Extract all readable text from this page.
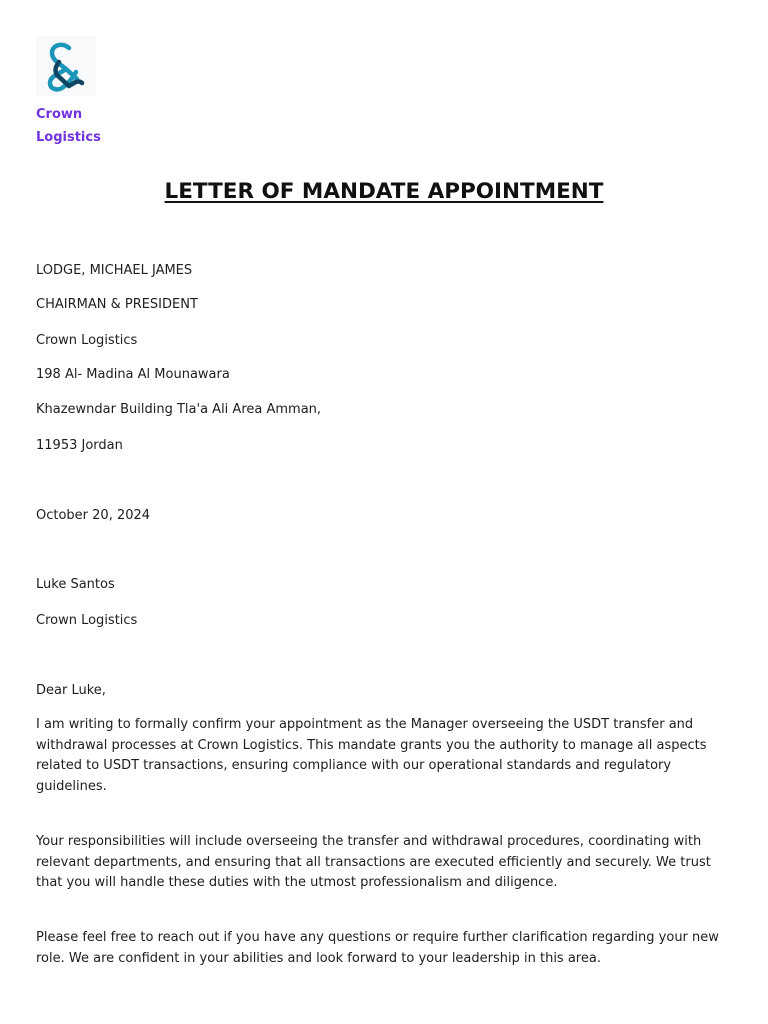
Crown Logistics
LETTER OF MANDATE APPOINTMENT
LODGE, MICHAEL JAMES
CHAIRMAN & PRESIDENT
Crown Logistics
198 Al- Madina Al Mounawara
Khazewndar Building Tla'a Ali Area Amman,
11953 Jordan
October 20, 2024
Luke Santos
Crown Logistics
Dear Luke,
I am writing to formally confirm your appointment as the Manager overseeing the USDT transfer and withdrawal processes at Crown Logistics. This mandate grants you the authority to manage all aspects related to USDT transactions, ensuring compliance with our operational standards and regulatory guidelines.
Your responsibilities will include overseeing the transfer and withdrawal procedures, coordinating with relevant departments, and ensuring that all transactions are executed efficiently and securely. We trust that you will handle these duties with the utmost professionalism and diligence.
Please feel free to reach out if you have any questions or require further clarification regarding your new role. We are confident in your abilities and look forward to your leadership in this area.
